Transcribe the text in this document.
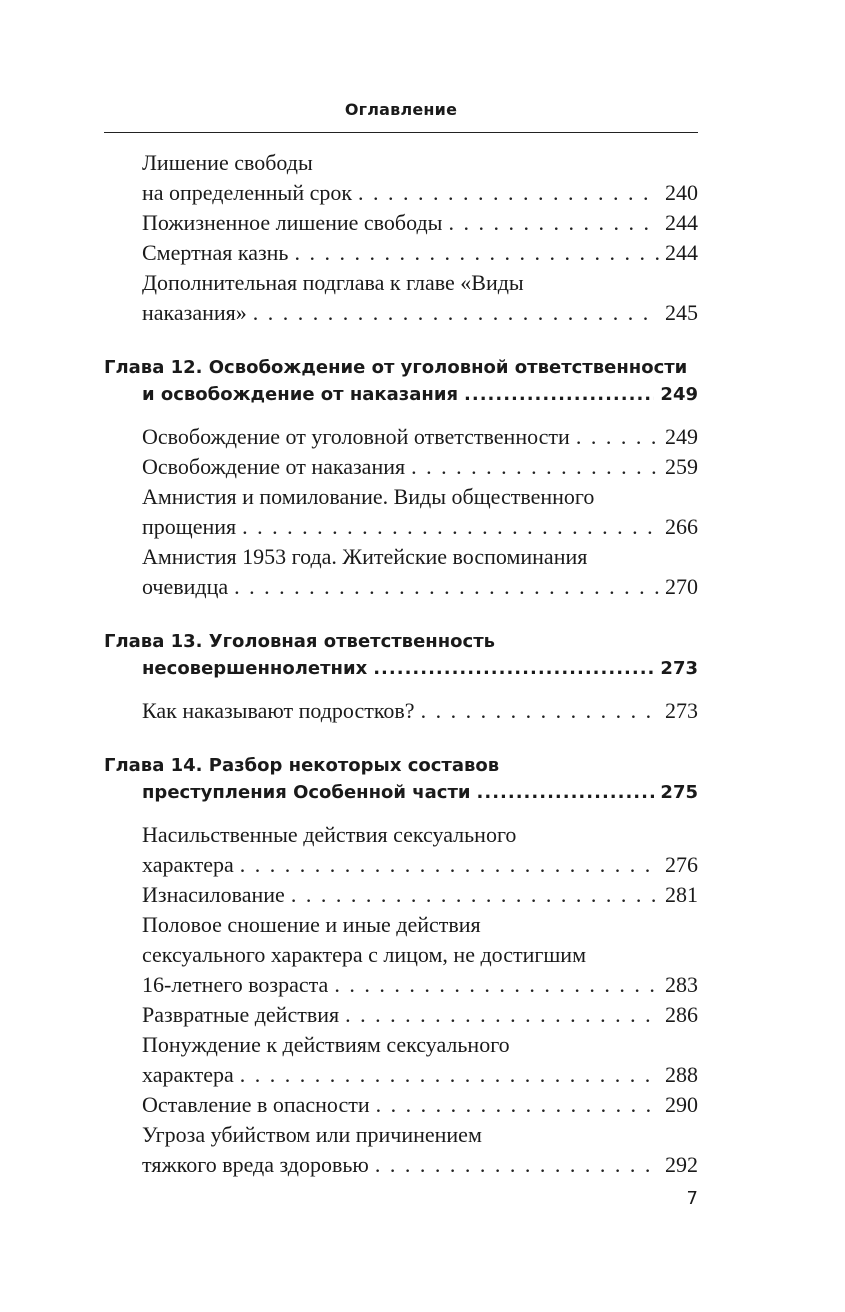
Оглавление
Лишение свободы
на определенный срок . . .	240
Пожизненное лишение свободы . . .	244
Смертная казнь . . .	244
Дополнительная подглава к главе «Виды
наказания» . . .	245
Глава 12. Освобождение от уголовной ответственности
и освобождение от наказания .....	249
Освобождение от уголовной ответственности . . .	249
Освобождение от наказания . . .	259
Амнистия и помилование. Виды общественного
прощения . . .	266
Амнистия 1953 года. Житейские воспоминания
очевидца . . .	270
Глава 13. Уголовная ответственность
несовершеннолетних .....	273
Как наказывают подростков? . . .	273
Глава 14. Разбор некоторых составов
преступления Особенной части .....	275
Насильственные действия сексуального
характера . . .	276
Изнасилование . . .	281
Половое сношение и иные действия
сексуального характера с лицом, не достигшим
16-летнего возраста . . .	283
Развратные действия . . .	286
Понуждение к действиям сексуального
характера . . .	288
Оставление в опасности . . .	290
Угроза убийством или причинением
тяжкого вреда здоровью . . .	292
7
